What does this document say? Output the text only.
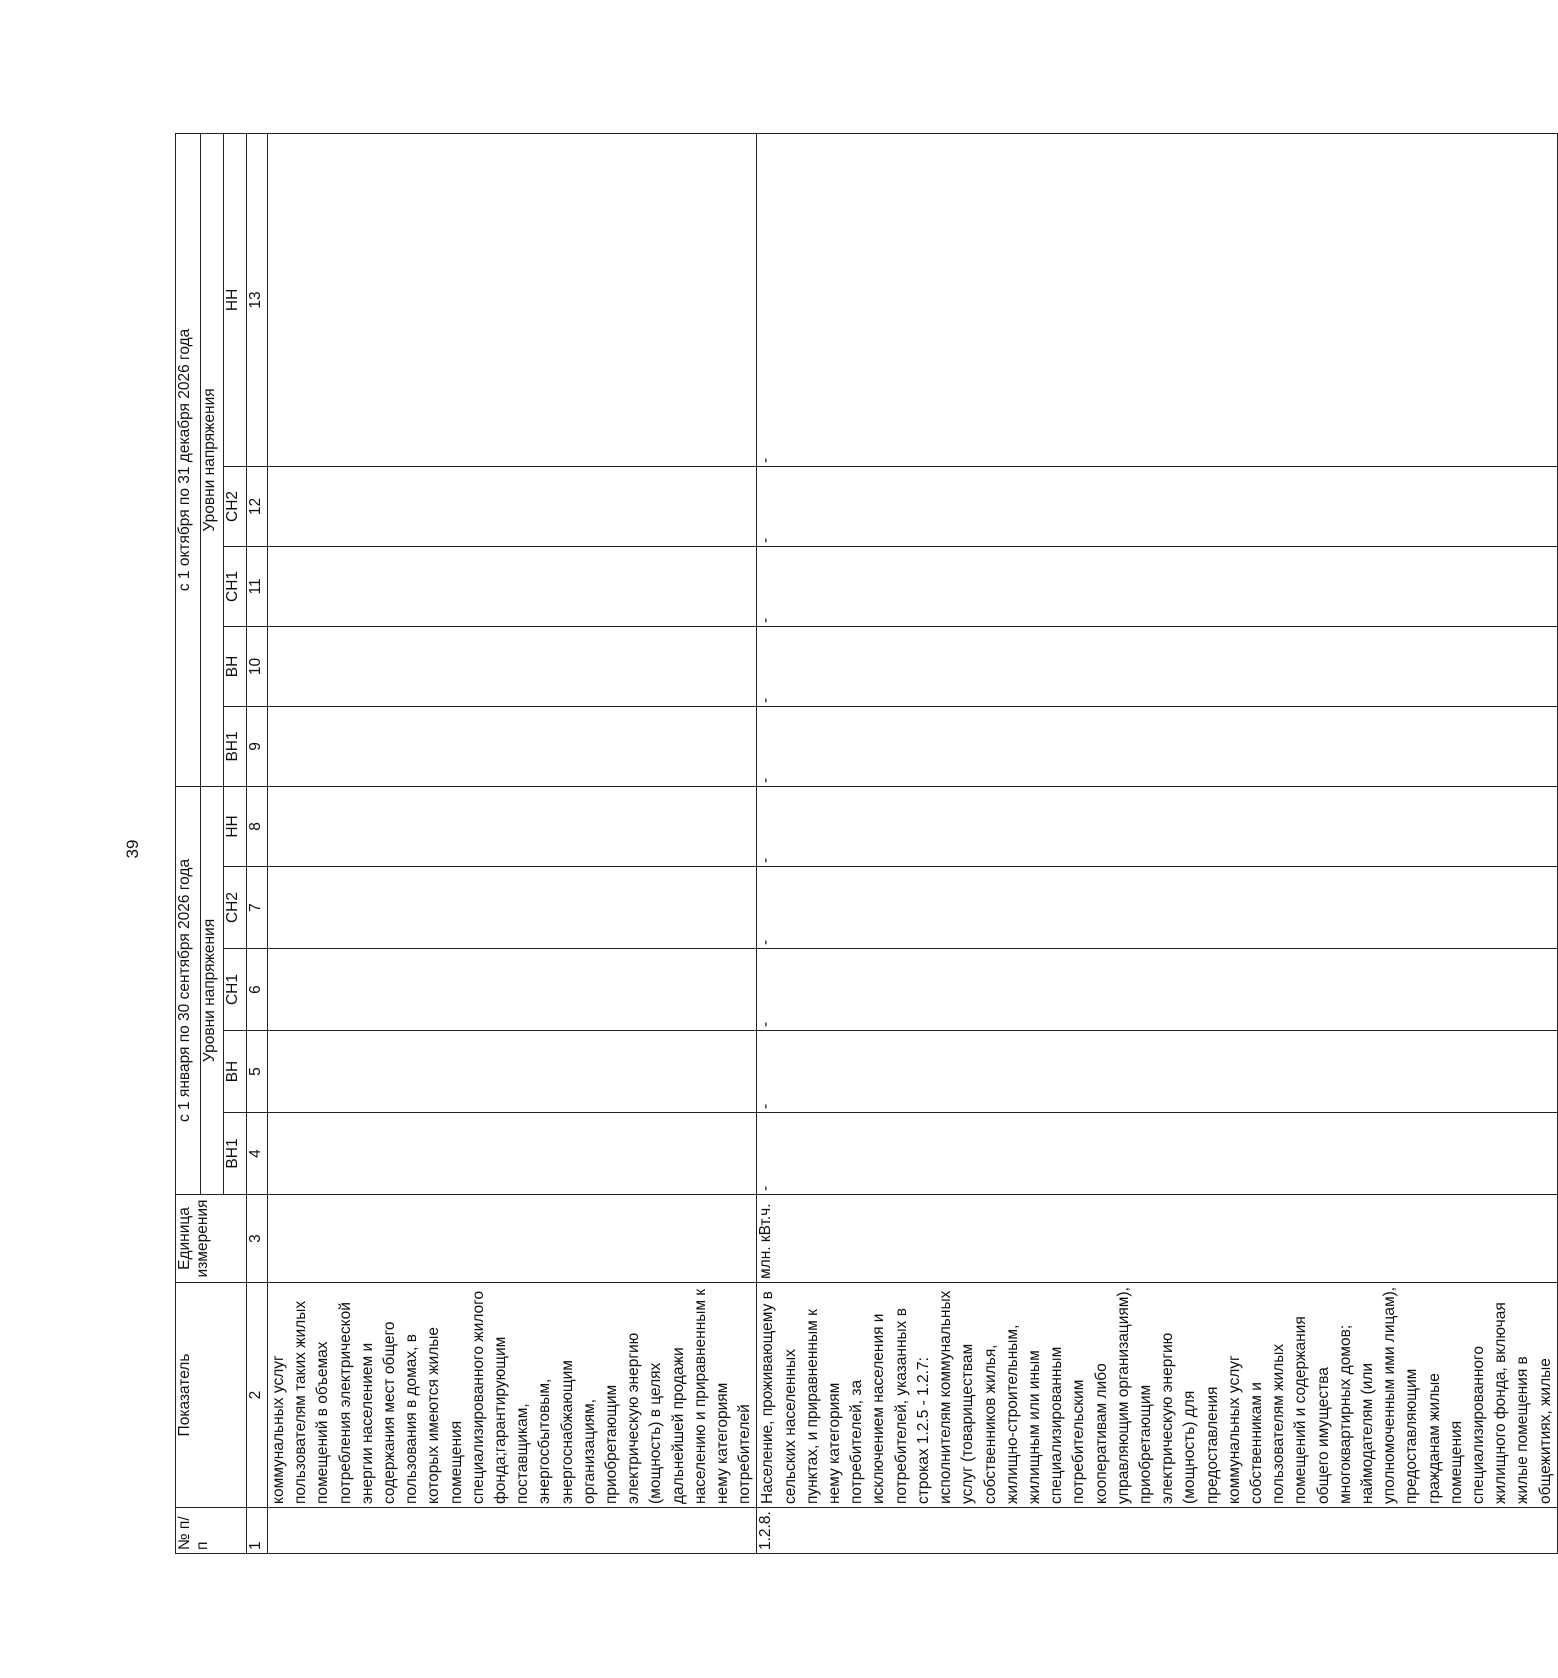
39
№ п/п	Показатель	Единица измерения	с 1 января по 30 сентября 2026 года					с 1 октября по 31 декабря 2026 года				
			Уровни напряжения					Уровни напряжения				
			ВН1	ВН	СН1	СН2	НН	ВН1	ВН	СН1	СН2	НН
1	2	3	4	5	6	7	8	9	10	11	12	13
	коммунальных услуг пользователям таких жилых помещений в объемах потребления электрической энергии населением и содержания мест общего пользования в домах, в которых имеются жилые помещения специализированного жилого фонда;гарантирующим поставщикам, энергосбытовым, энергоснабжающим организациям, приобретающим электрическую энергию (мощность) в целях дальнейшей продажи населению и приравненным к нему категориям потребителей											
1.2.8.	Население, проживающему в сельских населенных пунктах, и приравненным к нему категориям потребителей, за исключением населения и потребителей, указанных в строках 1.2.5 - 1.2.7: исполнителям коммунальных услуг (товариществам собственников жилья, жилищно-строительным, жилищным или иным специализированным потребительским кооперативам либо управляющим организациям), приобретающим электрическую энергию (мощность) для предоставления коммунальных услуг собственникам и пользователям жилых помещений и содержания общего имущества многоквартирных домов; наймодателям (или уполномоченным ими лицам), предоставляющим гражданам жилые помещения специализированного жилищного фонда, включая жилые помещения в общежитиях, жилые	млн. кВт.ч.	-	-	-	-	-	-	-	-	-	-
